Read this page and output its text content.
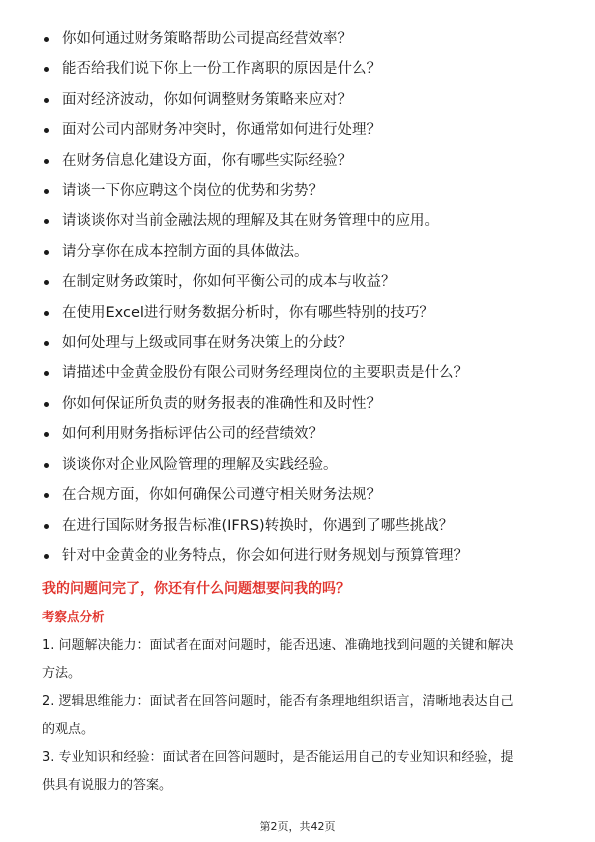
你如何通过财务策略帮助公司提高经营效率？
能否给我们说下你上一份工作离职的原因是什么？
面对经济波动，你如何调整财务策略来应对？
面对公司内部财务冲突时，你通常如何进行处理？
在财务信息化建设方面，你有哪些实际经验？
请谈一下你应聘这个岗位的优势和劣势？
请谈谈你对当前金融法规的理解及其在财务管理中的应用。
请分享你在成本控制方面的具体做法。
在制定财务政策时，你如何平衡公司的成本与收益？
在使用Excel进行财务数据分析时，你有哪些特别的技巧？
如何处理与上级或同事在财务决策上的分歧？
请描述中金黄金股份有限公司财务经理岗位的主要职责是什么？
你如何保证所负责的财务报表的准确性和及时性？
如何利用财务指标评估公司的经营绩效？
谈谈你对企业风险管理的理解及实践经验。
在合规方面，你如何确保公司遵守相关财务法规？
在进行国际财务报告标准(IFRS)转换时，你遇到了哪些挑战？
针对中金黄金的业务特点，你会如何进行财务规划与预算管理？
我的问题问完了，你还有什么问题想要问我的吗？
考察点分析
1. 问题解决能力：面试者在面对问题时，能否迅速、准确地找到问题的关键和解决
方法。
2. 逻辑思维能力：面试者在回答问题时，能否有条理地组织语言，清晰地表达自己
的观点。
3. 专业知识和经验：面试者在回答问题时，是否能运用自己的专业知识和经验，提
供具有说服力的答案。
第2页，共42页
